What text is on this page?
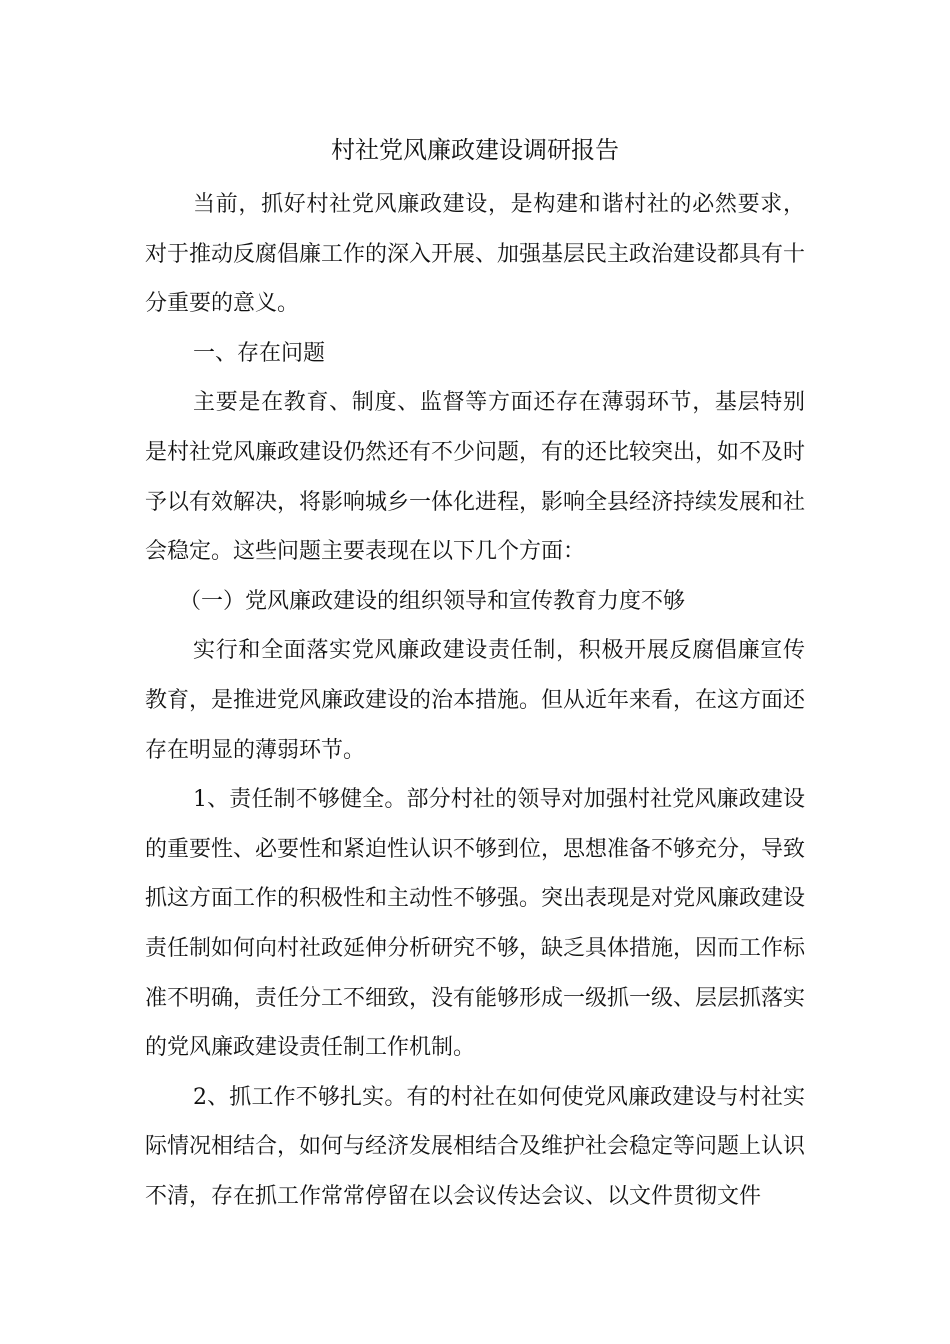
村社党风廉政建设调研报告

当前，抓好村社党风廉政建设，是构建和谐村社的必然要求，对于推动反腐倡廉工作的深入开展、加强基层民主政治建设都具有十分重要的意义。

一、存在问题

主要是在教育、制度、监督等方面还存在薄弱环节，基层特别是村社党风廉政建设仍然还有不少问题，有的还比较突出，如不及时予以有效解决，将影响城乡一体化进程，影响全县经济持续发展和社会稳定。这些问题主要表现在以下几个方面：

（一）党风廉政建设的组织领导和宣传教育力度不够

实行和全面落实党风廉政建设责任制，积极开展反腐倡廉宣传教育，是推进党风廉政建设的治本措施。但从近年来看，在这方面还存在明显的薄弱环节。

1、责任制不够健全。部分村社的领导对加强村社党风廉政建设的重要性、必要性和紧迫性认识不够到位，思想准备不够充分，导致抓这方面工作的积极性和主动性不够强。突出表现是对党风廉政建设责任制如何向村社政延伸分析研究不够，缺乏具体措施，因而工作标准不明确，责任分工不细致，没有能够形成一级抓一级、层层抓落实的党风廉政建设责任制工作机制。

2、抓工作不够扎实。有的村社在如何使党风廉政建设与村社实际情况相结合，如何与经济发展相结合及维护社会稳定等问题上认识不清，存在抓工作常常停留在以会议传达会议、以文件贯彻文件
